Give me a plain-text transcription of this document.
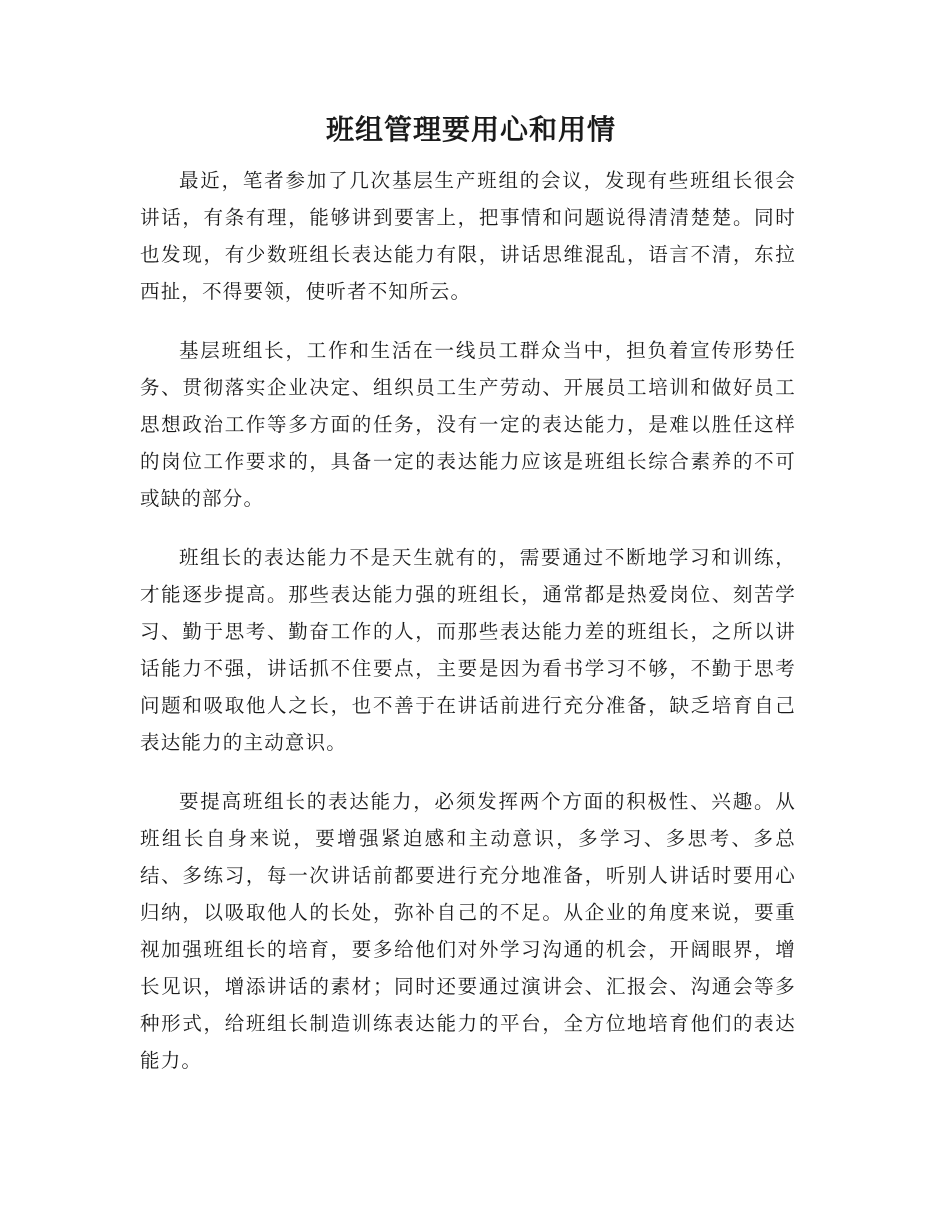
班组管理要用心和用情

最近，笔者参加了几次基层生产班组的会议，发现有些班组长很会讲话，有条有理，能够讲到要害上，把事情和问题说得清清楚楚。同时也发现，有少数班组长表达能力有限，讲话思维混乱，语言不清，东拉西扯，不得要领，使听者不知所云。

基层班组长，工作和生活在一线员工群众当中，担负着宣传形势任务、贯彻落实企业决定、组织员工生产劳动、开展员工培训和做好员工思想政治工作等多方面的任务，没有一定的表达能力，是难以胜任这样的岗位工作要求的，具备一定的表达能力应该是班组长综合素养的不可或缺的部分。

班组长的表达能力不是天生就有的，需要通过不断地学习和训练，才能逐步提高。那些表达能力强的班组长，通常都是热爱岗位、刻苦学习、勤于思考、勤奋工作的人，而那些表达能力差的班组长，之所以讲话能力不强，讲话抓不住要点，主要是因为看书学习不够，不勤于思考问题和吸取他人之长，也不善于在讲话前进行充分准备，缺乏培育自己表达能力的主动意识。

要提高班组长的表达能力，必须发挥两个方面的积极性、兴趣。从班组长自身来说，要增强紧迫感和主动意识，多学习、多思考、多总结、多练习，每一次讲话前都要进行充分地准备，听别人讲话时要用心归纳，以吸取他人的长处，弥补自己的不足。从企业的角度来说，要重视加强班组长的培育，要多给他们对外学习沟通的机会，开阔眼界，增长见识，增添讲话的素材；同时还要通过演讲会、汇报会、沟通会等多种形式，给班组长制造训练表达能力的平台，全方位地培育他们的表达能力。
